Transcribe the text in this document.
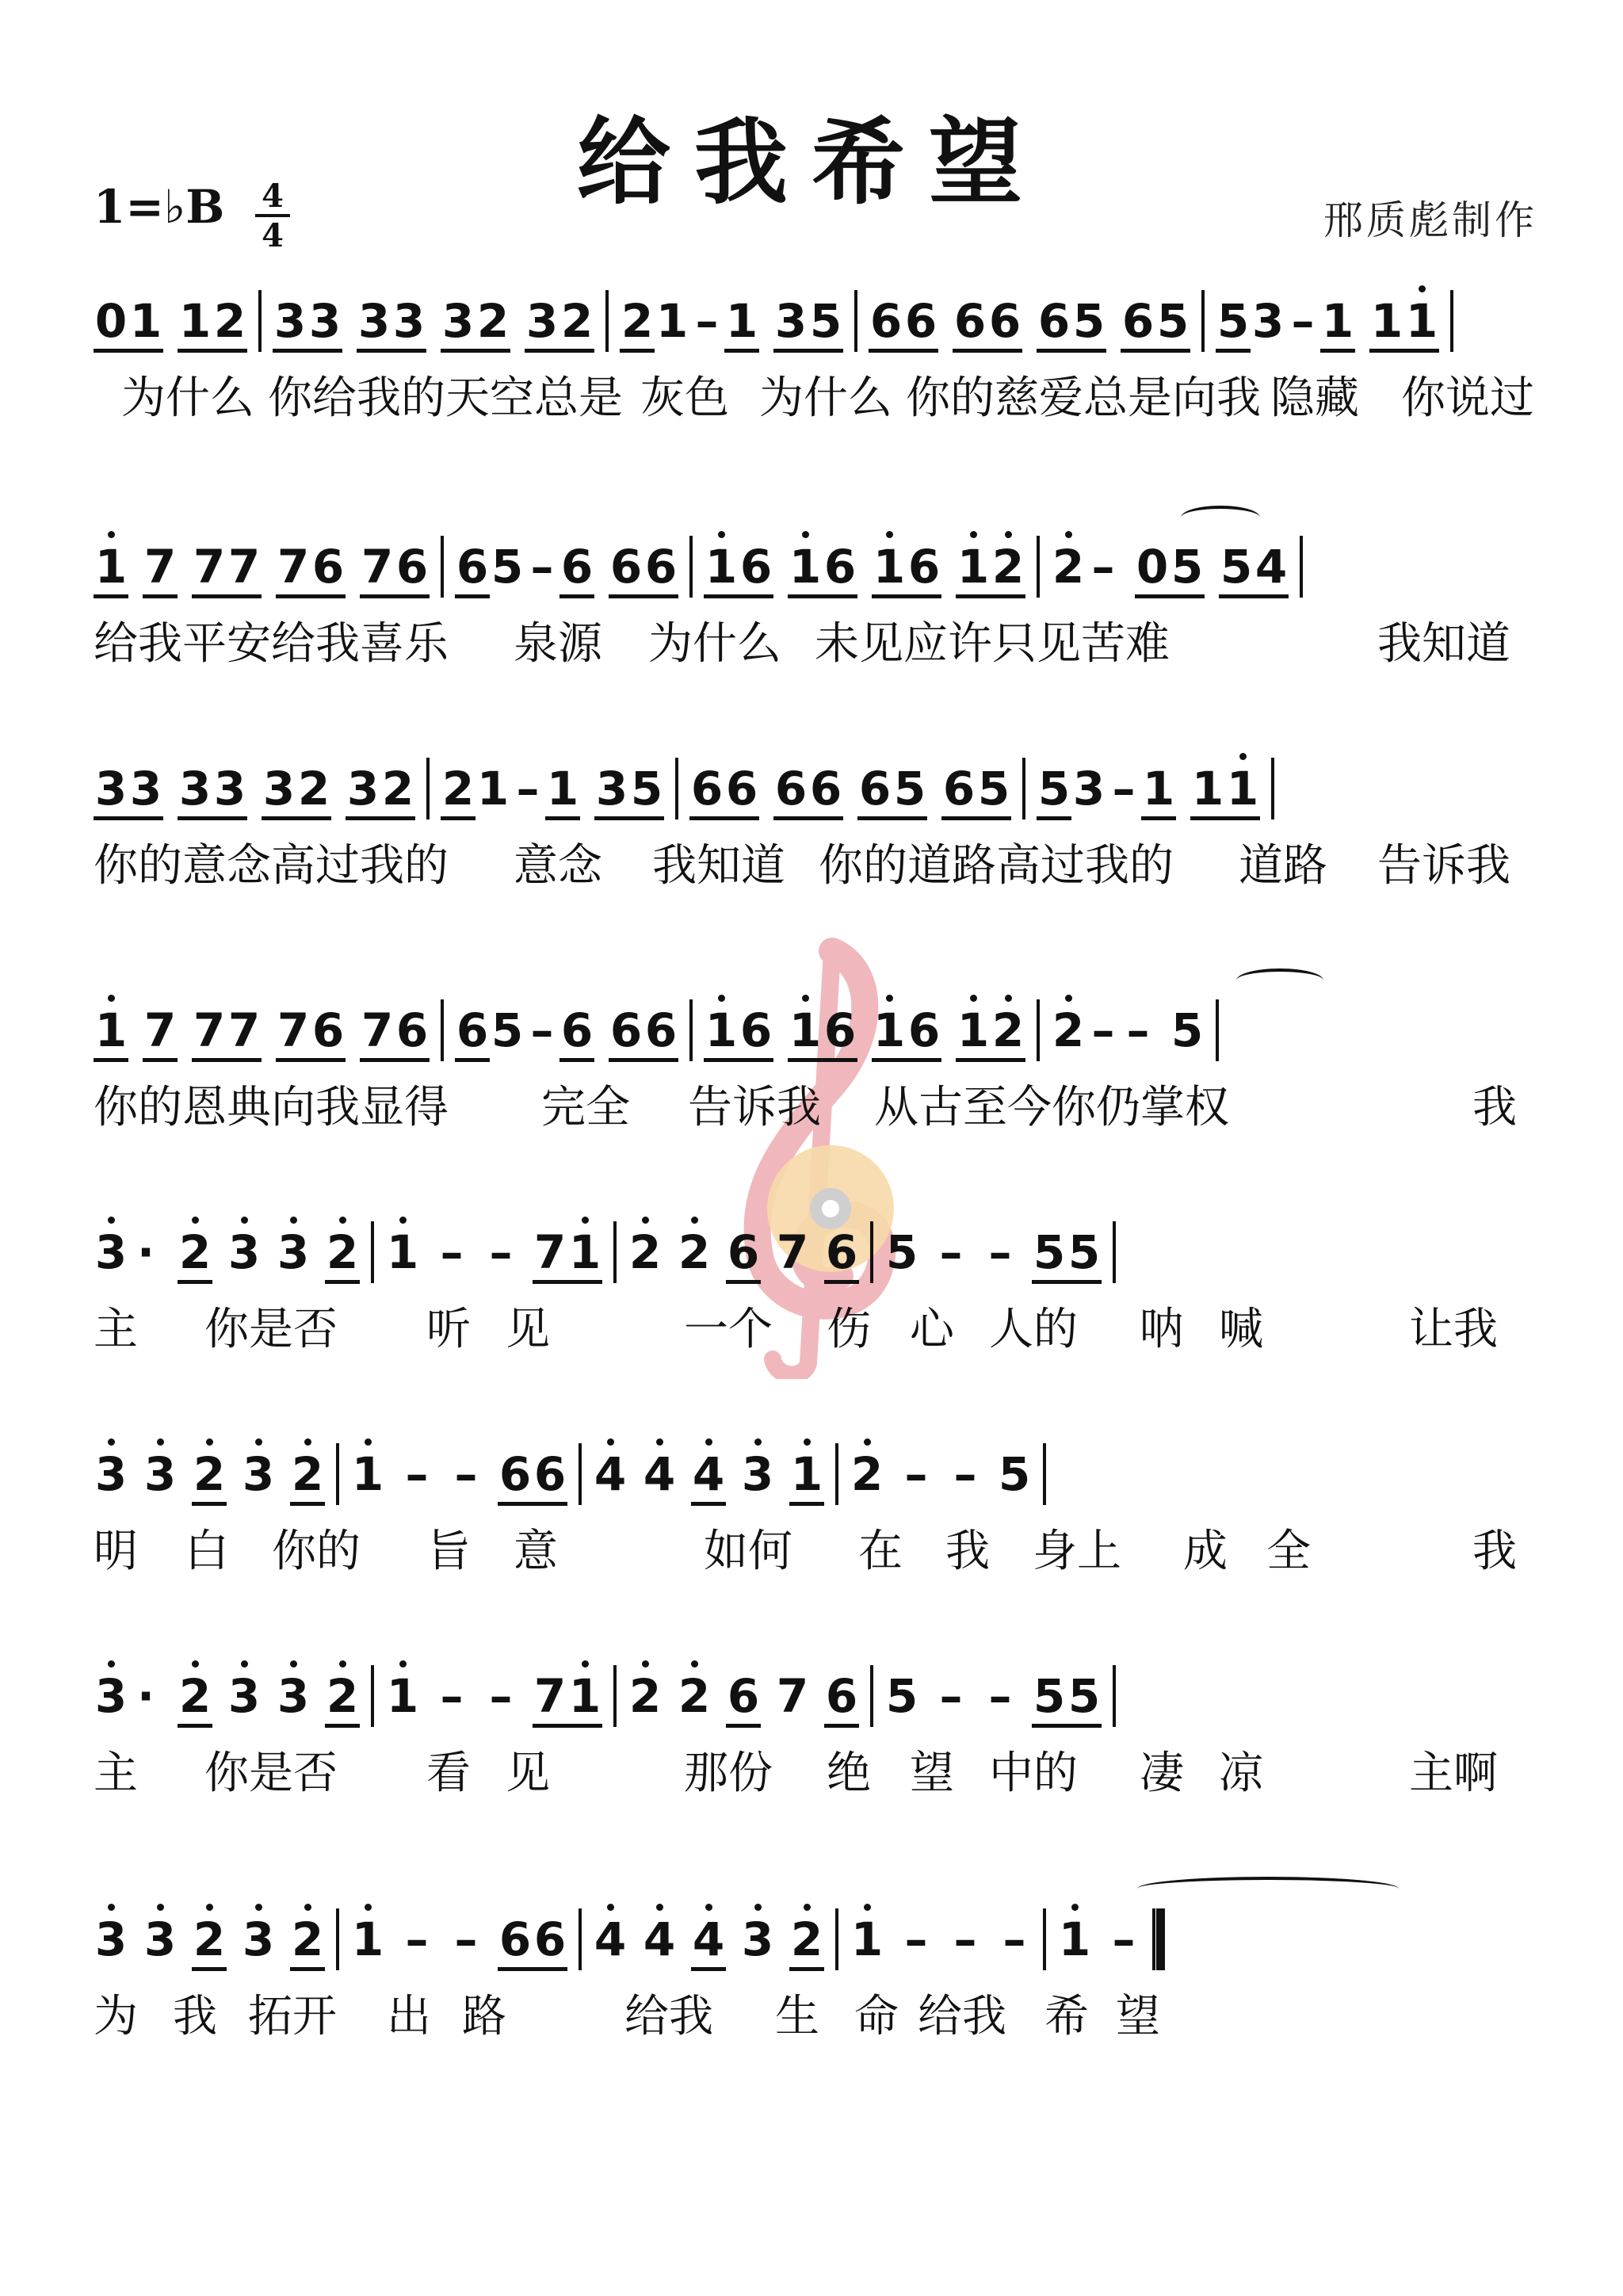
给我希望
1=♭B $\frac{4}{4}$	邢质彪制作
0 1 1 2 3 3 3 3 3 2 3 2 2 1 – 1 3 5 6 6 6 6 6 5 6 5 5 3 – 1 1 1
为什么 你给我的天空总是 灰色 为什么 你的慈爱总是向我 隐藏 你说过
1 7 7 7 7 6 7 6 6 5 – 6 6 6 1 6 1 6 1 6 1 2 2 – 0 5 5 4
给我平安给我喜乐 泉源 为什么 未见应许只见苦难	我知道
3 3 3 3 3 2 3 2 2 1 – 1 3 5 6 6 6 6 6 5 6 5 5 3 – 1 1 1
你的意念高过我的 意念 我知道 你的道路高过我的 道路 告诉我
1 7 7 7 7 6 7 6 6 5 – 6 6 6 1 6 1 6 1 6 1 2 2 – – 5
你的恩典向我显得 完全 告诉我 从古至今你仍掌权	我
3 · 2 3 3 2 1 – – 7 1 2 2 6 7 6 5 – – 5 5
主 你是否 听 见	一个 伤 心 人的 呐 喊	让我
3 3 2 3 2 1 – – 6 6 4 4 4 3 1 2 – – 5
明 白 你的 旨 意	如何 在 我 身上 成 全	我
3 · 2 3 3 2 1 – – 7 1 2 2 6 7 6 5 – – 5 5
主 你是否 看 见	那份 绝 望 中的 凄 凉	主啊
3 3 2 3 2 1 – – 6 6 4 4 4 3 2 1 – – – 1 –
为 我 拓开 出 路	给我 生 命 给我 希 望
